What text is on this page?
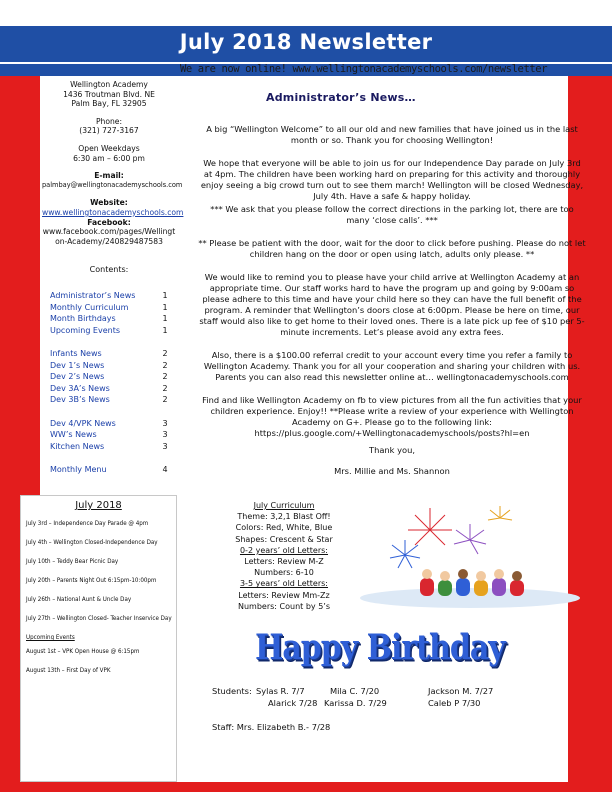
July 2018 Newsletter
We are now online! www.wellingtonacademyschools.com/newsletter
Wellington Academy
1436 Troutman Blvd. NE
Palm Bay, FL 32905
Phone:
(321) 727-3167
Open Weekdays
6:30 am – 6:00 pm
E-mail:
palmbay@wellingtonacademyschools.com
Website:
www.wellingtonacademyschools.com
Facebook:
www.facebook.com/pages/Wellington-Academy/240829487583
Contents:
Administrator’s News	1
Monthly Curriculum	1
Month Birthdays	1
Upcoming Events	1
Infants News	2
Dev 1’s News	2
Dev 2’s News	2
Dev 3A’s News	2
Dev 3B’s News	2
Dev 4/VPK News	3
WW’s News	3
Kitchen News	3
Monthly Menu	4
July 2018
July 3rd – Independence Day Parade @ 4pm
July 4th – Wellington Closed-Independence Day
July 10th – Teddy Bear Picnic Day
July 20th – Parents Night Out 6:15pm-10:00pm
July 26th – National Aunt & Uncle Day
July 27th – Wellington Closed- Teacher Inservice Day
Upcoming Events
August 1st – VPK Open House @ 6:15pm
August 13th – First Day of VPK
Administrator’s News…

A big “Wellington Welcome” to all our old and new families that have joined us in the last month or so. Thank you for choosing Wellington!

We hope that everyone will be able to join us for our Independence Day parade on July 3rd at 4pm. The children have been working hard on preparing for this activity and thoroughly enjoy seeing a big crowd turn out to see them march! Wellington will be closed Wednesday, July 4th. Have a safe & happy holiday.

*** We ask that you please follow the correct directions in the parking lot, there are too many ‘close calls’. ***

** Please be patient with the door, wait for the door to click before pushing. Please do not let children hang on the door or open using latch, adults only please. **

We would like to remind you to please have your child arrive at Wellington Academy at an appropriate time. Our staff works hard to have the program up and going by 9:00am so please adhere to this time and have your child here so they can have the full benefit of the program. A reminder that Wellington’s doors close at 6:00pm. Please be here on time, our staff would also like to get home to their loved ones. There is a late pick up fee of $10 per 5-minute increments. Let’s please avoid any extra fees.

Also, there is a $100.00 referral credit to your account every time you refer a family to Wellington Academy. Thank you for all your cooperation and sharing your children with us. Parents you can also read this newsletter online at… wellingtonacademyschools.com

Find and like Wellington Academy on fb to view pictures from all the fun activities that your children experience. Enjoy!! **Please write a review of your experience with Wellington Academy on G+. Please go to the following link: https://plus.google.com/+Wellingtonacademyschools/posts?hl=en

Thank you,

Mrs. Millie and Ms. Shannon

July Curriculum
Theme: 3,2,1 Blast Off!
Colors: Red, White, Blue
Shapes: Crescent & Star
0-2 years’ old Letters:
Letters: Review M-Z
Numbers: 6-10
3-5 years’ old Letters:
Letters: Review Mm-Zz
Numbers: Count by 5’s
Happy Birthday
Students: Sylas R. 7/7	Mila C. 7/20	Jackson M. 7/27
Alarick 7/28 Karissa D. 7/29	Caleb P 7/30
Staff: Mrs. Elizabeth B.- 7/28
